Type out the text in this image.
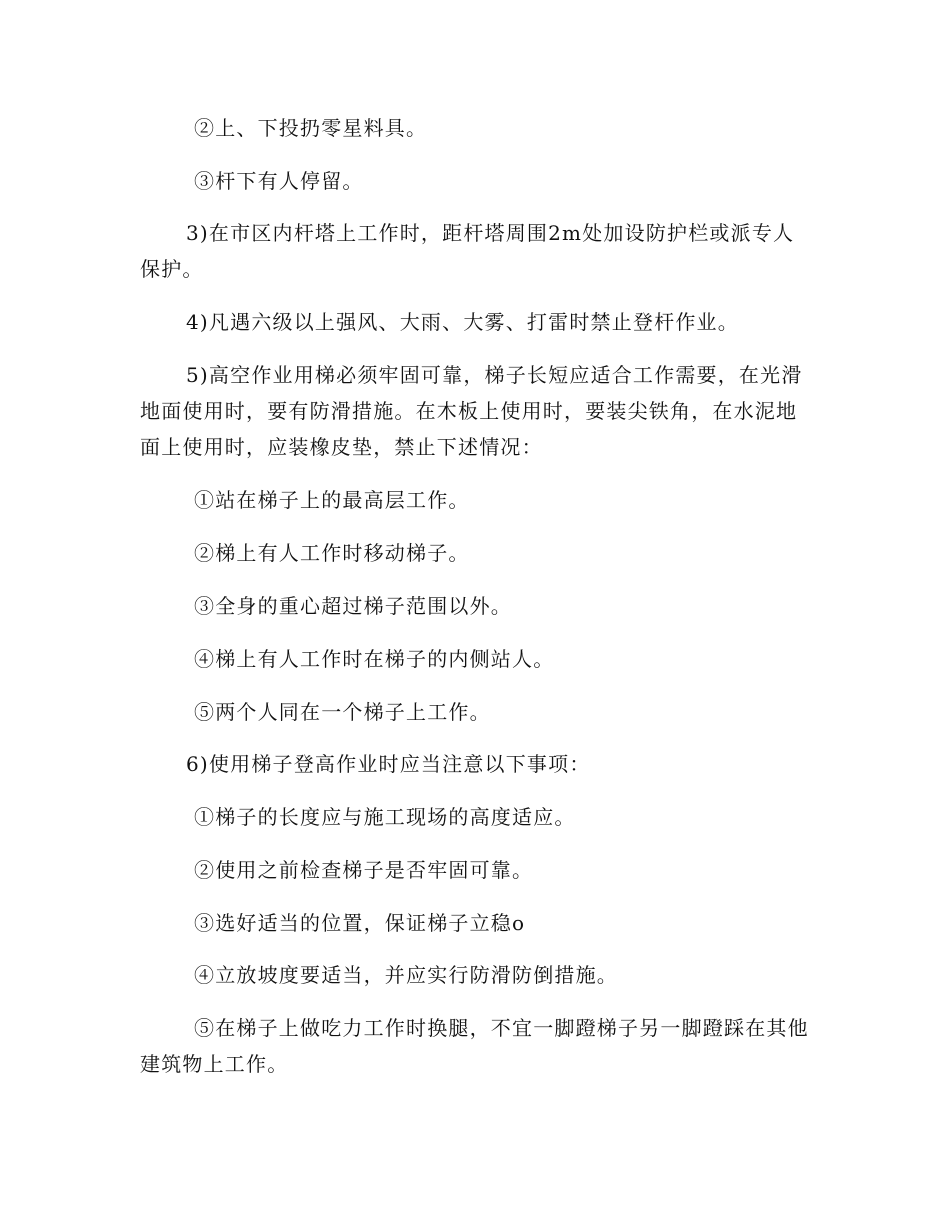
②上、下投扔零星料具。

③杆下有人停留。

3)在市区内杆塔上工作时，距杆塔周围2m处加设防护栏或派专人保护。

4)凡遇六级以上强风、大雨、大雾、打雷时禁止登杆作业。

5)高空作业用梯必须牢固可靠，梯子长短应适合工作需要，在光滑地面使用时，要有防滑措施。在木板上使用时，要装尖铁角，在水泥地面上使用时，应装橡皮垫，禁止下述情况：

①站在梯子上的最高层工作。

②梯上有人工作时移动梯子。

③全身的重心超过梯子范围以外。

④梯上有人工作时在梯子的内侧站人。

⑤两个人同在一个梯子上工作。

6)使用梯子登高作业时应当注意以下事项：

①梯子的长度应与施工现场的高度适应。

②使用之前检查梯子是否牢固可靠。

③选好适当的位置，保证梯子立稳o

④立放坡度要适当，并应实行防滑防倒措施。

⑤在梯子上做吃力工作时换腿，不宜一脚蹬梯子另一脚蹬踩在其他建筑物上工作。
